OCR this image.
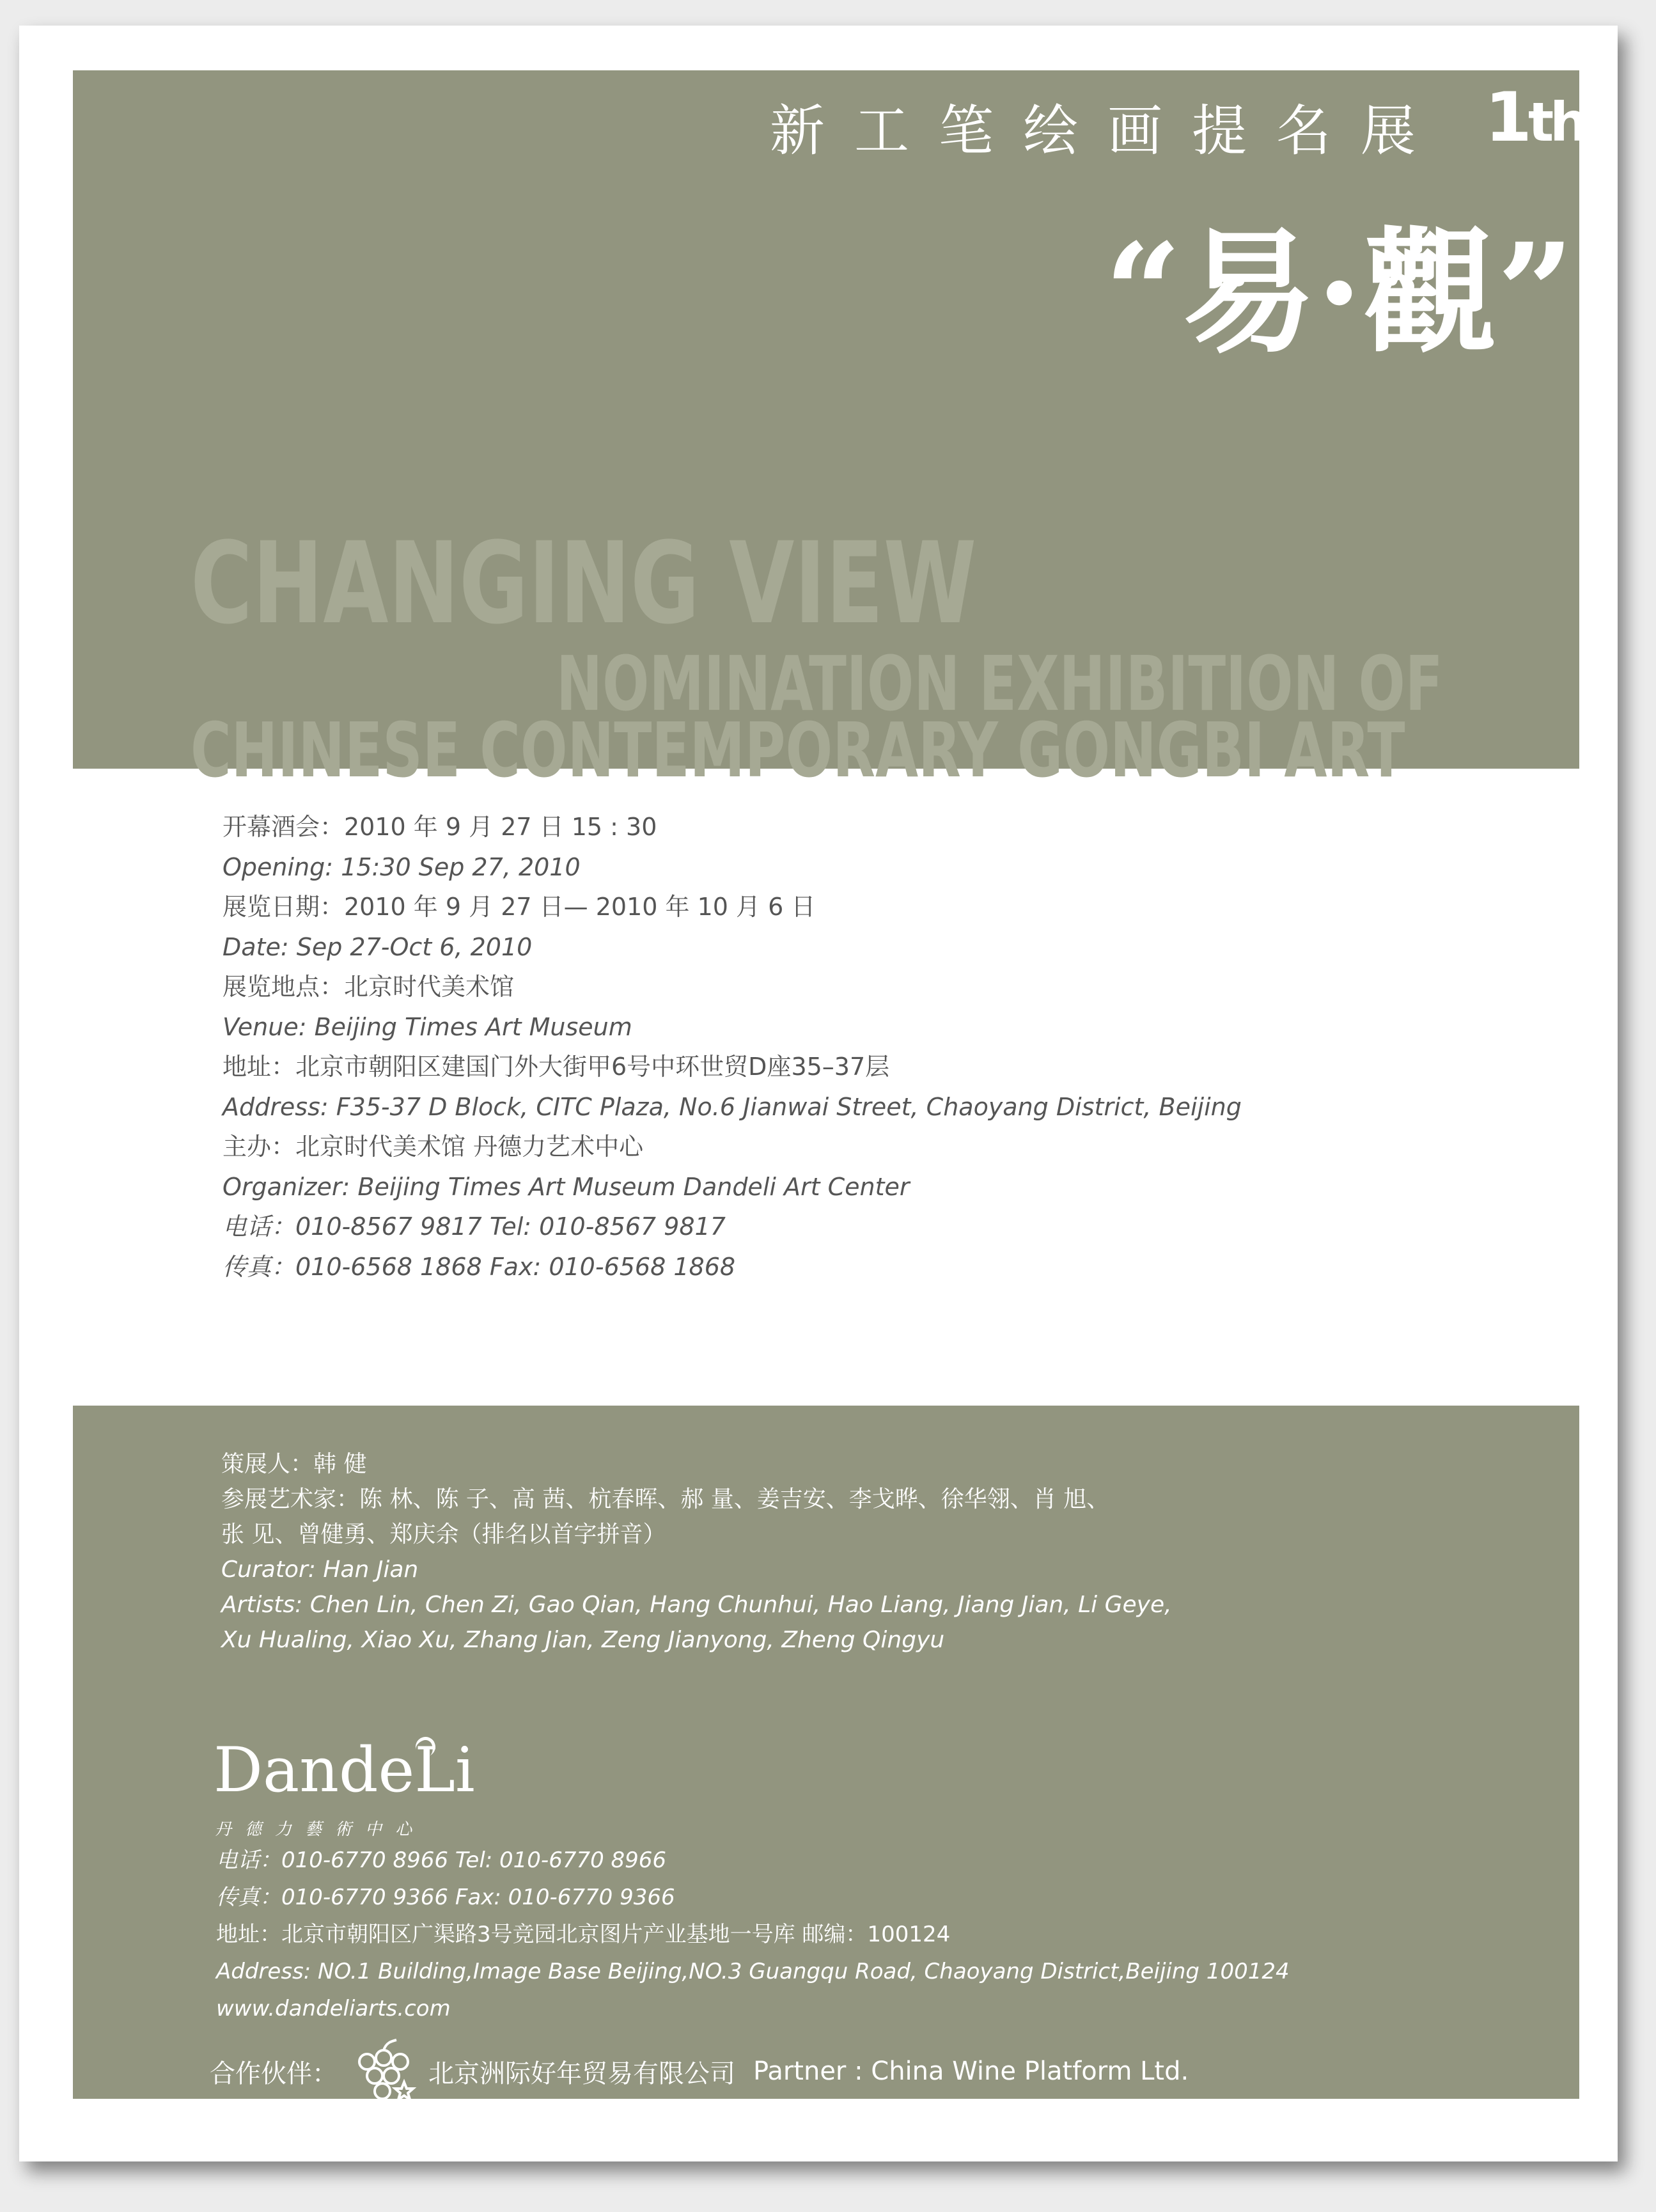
新工笔绘画提名展 1th
“易·觀”
CHANGING VIEW
NOMINATION EXHIBITION OF
CHINESE CONTEMPORARY GONGBI ART
开幕酒会：2010 年 9 月 27 日 15 : 30
Opening: 15:30 Sep 27, 2010
展览日期：2010 年 9 月 27 日— 2010 年 10 月 6 日
Date: Sep 27-Oct 6, 2010
展览地点：北京时代美术馆
Venue: Beijing Times Art Museum
地址：北京市朝阳区建国门外大街甲6号中环世贸D座35–37层
Address: F35-37 D Block, CITC Plaza, No.6 Jianwai Street, Chaoyang District, Beijing
主办：北京时代美术馆 丹德力艺术中心
Organizer: Beijing Times Art Museum Dandeli Art Center
电话：010-8567 9817 Tel: 010-8567 9817
传真：010-6568 1868 Fax: 010-6568 1868
策展人：韩 健
参展艺术家：陈 林、陈 子、高 茜、杭春晖、郝 量、姜吉安、李戈晔、徐华翎、肖 旭、
张 见、曾健勇、郑庆余（排名以首字拼音）
Curator: Han Jian
Artists: Chen Lin, Chen Zi, Gao Qian, Hang Chunhui, Hao Liang, Jiang Jian, Li Geye,
Xu Hualing, Xiao Xu, Zhang Jian, Zeng Jianyong, Zheng Qingyu
DandeLi
丹德力藝術中心
电话：010-6770 8966 Tel: 010-6770 8966
传真：010-6770 9366 Fax: 010-6770 9366
地址：北京市朝阳区广渠路3号竞园北京图片产业基地一号库 邮编：100124
Address: NO.1 Building,Image Base Beijing,NO.3 Guangqu Road, Chaoyang District,Beijing 100124
www.dandeliarts.com
合作伙伴：	北京洲际好年贸易有限公司 Partner : China Wine Platform Ltd.
